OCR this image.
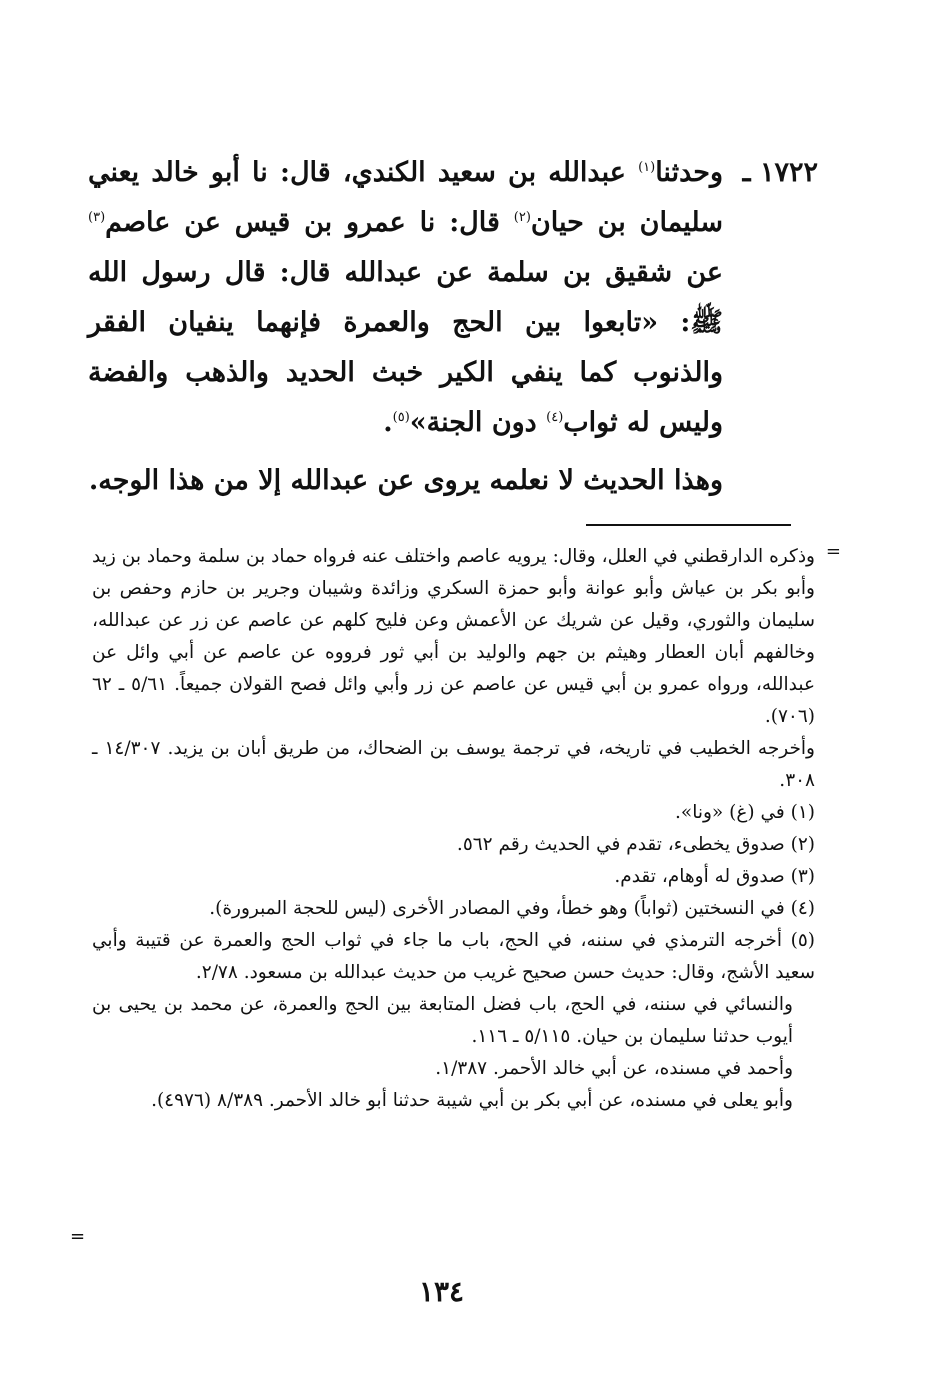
١٧٢٢ ـ
وحدثنا$^{(١)}$ عبدالله بن سعيد الكندي، قال: نا أبو خالد يعني سليمان بن حيان$^{(٢)}$ قال: نا عمرو بن قيس عن عاصم$^{(٣)}$ عن شقيق بن سلمة عن عبدالله قال: قال رسول الله ﷺ: «تابعوا بين الحج والعمرة فإنهما ينفيان الفقر والذنوب كما ينفي الكير خبث الحديد والذهب والفضة وليس له ثواب$^{(٤)}$ دون الجنة»$^{(٥)}$.

وهذا الحديث لا نعلمه يروى عن عبدالله إلا من هذا الوجه.

=

وذكره الدارقطني في العلل، وقال: يرويه عاصم واختلف عنه فرواه حماد بن سلمة وحماد بن زيد وأبو بكر بن عياش وأبو عوانة وأبو حمزة السكري وزائدة وشيبان وجرير بن حازم وحفص بن سليمان والثوري، وقيل عن شريك عن الأعمش وعن فليح كلهم عن عاصم عن زر عن عبدالله، وخالفهم أبان العطار وهيثم بن جهم والوليد بن أبي ثور فرووه عن عاصم عن أبي وائل عن عبدالله، ورواه عمرو بن أبي قيس عن عاصم عن زر وأبي وائل فصح القولان جميعاً. ٥/٦١ ـ ٦٢ (٧٠٦).

وأخرجه الخطيب في تاريخه، في ترجمة يوسف بن الضحاك، من طريق أبان بن يزيد. ١٤/٣٠٧ ـ ٣٠٨.

(١) في (غ) «ونا».

(٢) صدوق يخطىء، تقدم في الحديث رقم ٥٦٢.

(٣) صدوق له أوهام، تقدم.

(٤) في النسختين (ثواباً) وهو خطأ، وفي المصادر الأخرى (ليس للحجة المبرورة).

(٥) أخرجه الترمذي في سننه، في الحج، باب ما جاء في ثواب الحج والعمرة عن قتيبة وأبي سعيد الأشج، وقال: حديث حسن صحيح غريب من حديث عبدالله بن مسعود. ٢/٧٨.

والنسائي في سننه، في الحج، باب فضل المتابعة بين الحج والعمرة، عن محمد بن يحيى بن أيوب حدثنا سليمان بن حيان. ٥/١١٥ ـ ١١٦.

وأحمد في مسنده، عن أبي خالد الأحمر. ١/٣٨٧.

وأبو يعلى في مسنده، عن أبي بكر بن أبي شيبة حدثنا أبو خالد الأحمر. ٨/٣٨٩ (٤٩٧٦).

=
١٣٤
